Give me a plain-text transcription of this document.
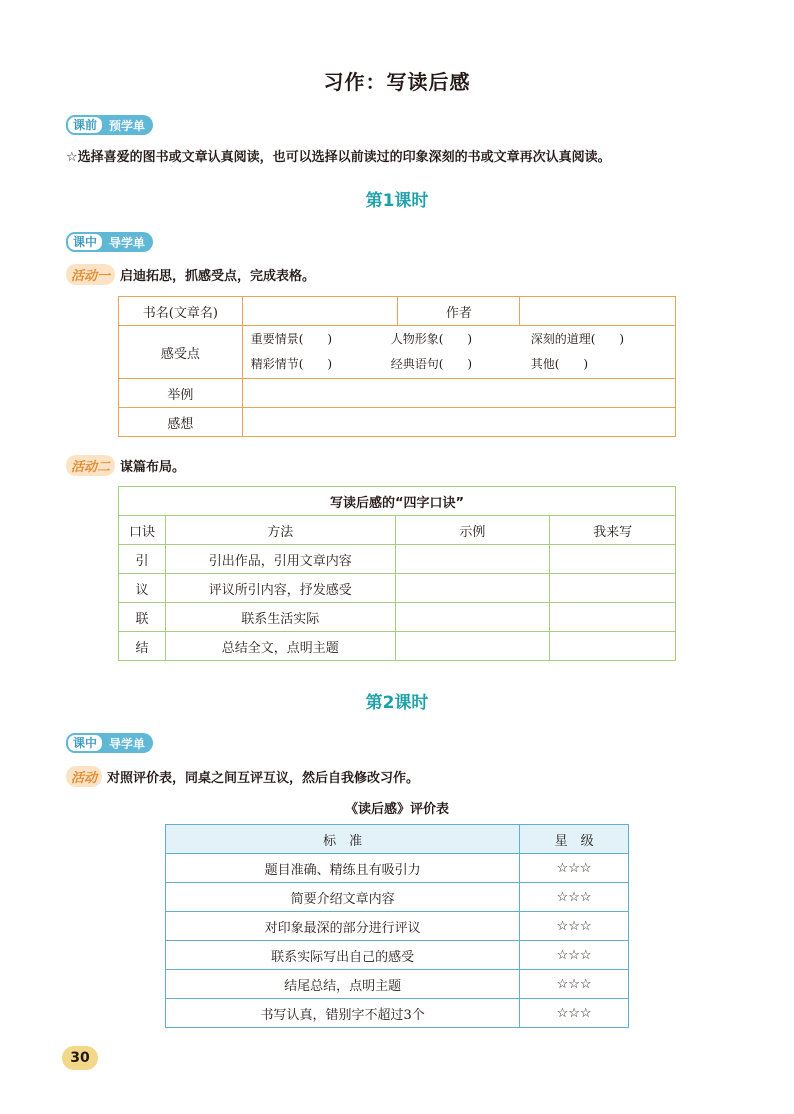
习作：写读后感
课前	预学单
☆选择喜爱的图书或文章认真阅读，也可以选择以前读过的印象深刻的书或文章再次认真阅读。
第1课时
课中	导学单
活动一 启迪拓思，抓感受点，完成表格。
书名(文章名)		作者	
感受点	重要情景(　　) 人物形象(　　) 深刻的道理(　　)
精彩情节(　　) 经典语句(　　) 其他(　　)		

举例			
感想			
活动二 谋篇布局。
写读后感的“四字口诀”			
口诀	方法	示例	我来写
引	引出作品，引用文章内容		
议	评议所引内容，抒发感受		
联	联系生活实际		
结	总结全文，点明主题		
第2课时
课中	导学单
活动 对照评价表，同桌之间互评互议，然后自我修改习作。
《读后感》评价表
标　准	星　级
题目准确、精练且有吸引力	☆☆☆
简要介绍文章内容	☆☆☆
对印象最深的部分进行评议	☆☆☆
联系实际写出自己的感受	☆☆☆
结尾总结，点明主题	☆☆☆
书写认真，错别字不超过3个	☆☆☆
30
